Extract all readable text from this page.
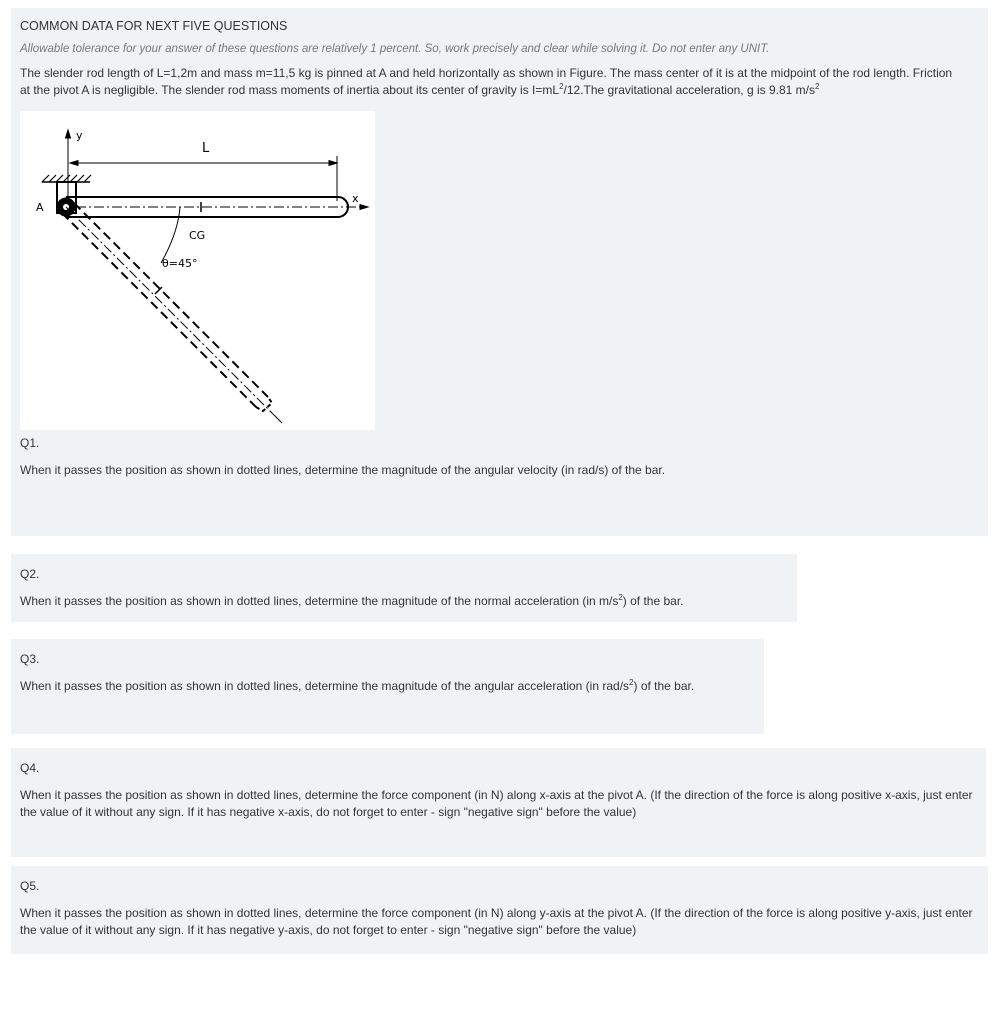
COMMON DATA FOR NEXT FIVE QUESTIONS
Allowable tolerance for your answer of these questions are relatively 1 percent. So, work precisely and clear while solving it. Do not enter any UNIT.
The slender rod length of L=1,2m and mass m=11,5 kg is pinned at A and held horizontally as shown in Figure. The mass center of it is at the midpoint of the rod length. Friction at the pivot A is negligible. The slender rod mass moments of inertia about its center of gravity is $I=mL^2/12.The$ gravitational acceleration, g is 9.81 $m/s^2$
y
x
L
A
CG
θ=45°
Q1.
When it passes the position as shown in dotted lines, determine the magnitude of the angular velocity (in rad/s) of the bar.
Q2.
When it passes the position as shown in dotted lines, determine the magnitude of the normal acceleration (in $m/s^2$) of the bar.
Q3.
When it passes the position as shown in dotted lines, determine the magnitude of the angular acceleration (in rad/$s^2$) of the bar.
Q4.
When it passes the position as shown in dotted lines, determine the force component (in N) along x-axis at the pivot A. (If the direction of the force is along positive x-axis, just enter the value of it without any sign. If it has negative x-axis, do not forget to enter - sign "negative sign" before the value)
Q5.
When it passes the position as shown in dotted lines, determine the force component (in N) along y-axis at the pivot A. (If the direction of the force is along positive y-axis, just enter the value of it without any sign. If it has negative y-axis, do not forget to enter - sign "negative sign" before the value)
